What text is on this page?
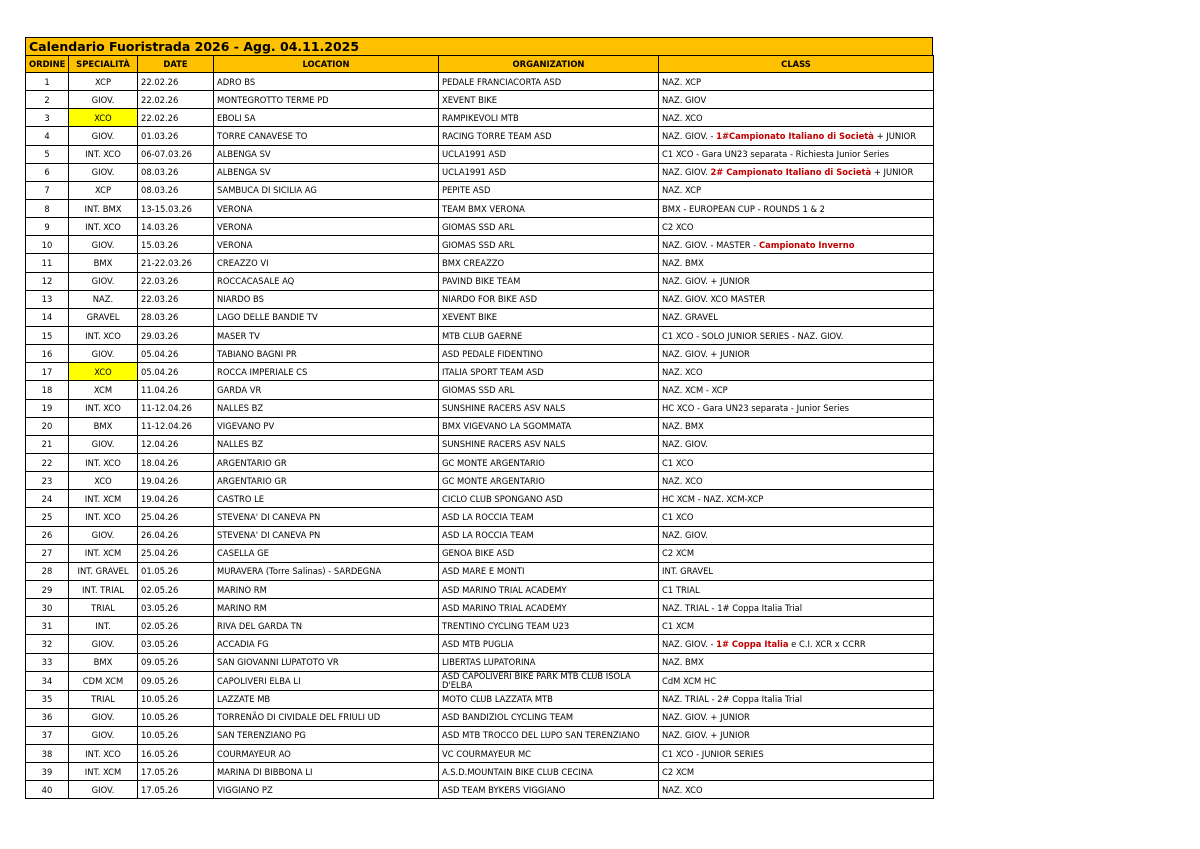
Calendario Fuoristrada 2026 - Agg. 04.11.2025
ORDINE	SPECIALITÀ	DATE	LOCATION	ORGANIZATION	CLASS
1	XCP	22.02.26	ADRO BS	PEDALE FRANCIACORTA ASD	NAZ. XCP
2	GIOV.	22.02.26	MONTEGROTTO TERME PD	XEVENT BIKE	NAZ. GIOV
3	XCO	22.02.26	EBOLI SA	RAMPIKEVOLI MTB	NAZ. XCO
4	GIOV.	01.03.26	TORRE CANAVESE TO	RACING TORRE TEAM ASD	NAZ. GIOV. - 1#Campionato Italiano di Società + JUNIOR
5	INT. XCO	06-07.03.26	ALBENGA SV	UCLA1991 ASD	C1 XCO - Gara UN23 separata - Richiesta Junior Series
6	GIOV.	08.03.26	ALBENGA SV	UCLA1991 ASD	NAZ. GIOV. 2# Campionato Italiano di Società + JUNIOR
7	XCP	08.03.26	SAMBUCA DI SICILIA AG	PEPITE ASD	NAZ. XCP
8	INT. BMX	13-15.03.26	VERONA	TEAM BMX VERONA	BMX - EUROPEAN CUP - ROUNDS 1 & 2
9	INT. XCO	14.03.26	VERONA	GIOMAS SSD ARL	C2 XCO
10	GIOV.	15.03.26	VERONA	GIOMAS SSD ARL	NAZ. GIOV. - MASTER - Campionato Inverno
11	BMX	21-22.03.26	CREAZZO VI	BMX CREAZZO	NAZ. BMX
12	GIOV.	22.03.26	ROCCACASALE AQ	PAVIND BIKE TEAM	NAZ. GIOV. + JUNIOR
13	NAZ.	22.03.26	NIARDO BS	NIARDO FOR BIKE ASD	NAZ. GIOV. XCO MASTER
14	GRAVEL	28.03.26	LAGO DELLE BANDIE TV	XEVENT BIKE	NAZ. GRAVEL
15	INT. XCO	29.03.26	MASER TV	MTB CLUB GAERNE	C1 XCO - SOLO JUNIOR SERIES - NAZ. GIOV.
16	GIOV.	05.04.26	TABIANO BAGNI PR	ASD PEDALE FIDENTINO	NAZ. GIOV. + JUNIOR
17	XCO	05.04.26	ROCCA IMPERIALE CS	ITALIA SPORT TEAM ASD	NAZ. XCO
18	XCM	11.04.26	GARDA VR	GIOMAS SSD ARL	NAZ. XCM - XCP
19	INT. XCO	11-12.04.26	NALLES BZ	SUNSHINE RACERS ASV NALS	HC XCO - Gara UN23 separata - Junior Series
20	BMX	11-12.04.26	VIGEVANO PV	BMX VIGEVANO LA SGOMMATA	NAZ. BMX
21	GIOV.	12.04.26	NALLES BZ	SUNSHINE RACERS ASV NALS	NAZ. GIOV.
22	INT. XCO	18.04.26	ARGENTARIO GR	GC MONTE ARGENTARIO	C1 XCO
23	XCO	19.04.26	ARGENTARIO GR	GC MONTE ARGENTARIO	NAZ. XCO
24	INT. XCM	19.04.26	CASTRO LE	CICLO CLUB SPONGANO ASD	HC XCM - NAZ. XCM-XCP
25	INT. XCO	25.04.26	STEVENA' DI CANEVA PN	ASD LA ROCCIA TEAM	C1 XCO
26	GIOV.	26.04.26	STEVENA' DI CANEVA PN	ASD LA ROCCIA TEAM	NAZ. GIOV.
27	INT. XCM	25.04.26	CASELLA GE	GENOA BIKE ASD	C2 XCM
28	INT. GRAVEL	01.05.26	MURAVERA (Torre Salinas) - SARDEGNA	ASD MARE E MONTI	INT. GRAVEL
29	INT. TRIAL	02.05.26	MARINO RM	ASD MARINO TRIAL ACADEMY	C1 TRIAL
30	TRIAL	03.05.26	MARINO RM	ASD MARINO TRIAL ACADEMY	NAZ. TRIAL - 1# Coppa Italia Trial
31	INT.	02.05.26	RIVA DEL GARDA TN	TRENTINO CYCLING TEAM U23	C1 XCM
32	GIOV.	03.05.26	ACCADIA FG	ASD MTB PUGLIA	NAZ. GIOV. - 1# Coppa Italia e C.I. XCR x CCRR
33	BMX	09.05.26	SAN GIOVANNI LUPATOTO VR	LIBERTAS LUPATORINA	NAZ. BMX
34	CDM XCM	09.05.26	CAPOLIVERI ELBA LI	ASD CAPOLIVERI BIKE PARK MTB CLUB ISOLA D'ELBA	CdM XCM HC
35	TRIAL	10.05.26	LAZZATE MB	MOTO CLUB LAZZATA MTB	NAZ. TRIAL - 2# Coppa Italia Trial
36	GIOV.	10.05.26	TORRENÃO DI CIVIDALE DEL FRIULI UD	ASD BANDIZIOL CYCLING TEAM	NAZ. GIOV. + JUNIOR
37	GIOV.	10.05.26	SAN TERENZIANO PG	ASD MTB TROCCO DEL LUPO SAN TERENZIANO	NAZ. GIOV. + JUNIOR
38	INT. XCO	16.05.26	COURMAYEUR AO	VC COURMAYEUR MC	C1 XCO - JUNIOR SERIES
39	INT. XCM	17.05.26	MARINA DI BIBBONA LI	A.S.D.MOUNTAIN BIKE CLUB CECINA	C2 XCM
40	GIOV.	17.05.26	VIGGIANO PZ	ASD TEAM BYKERS VIGGIANO	NAZ. XCO
